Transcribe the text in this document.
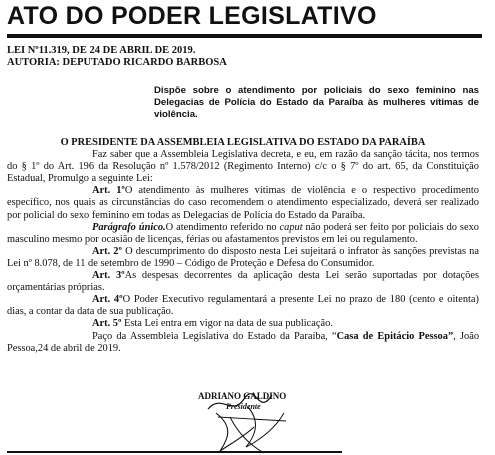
ATO DO PODER LEGISLATIVO
LEI Nº11.319, DE 24 DE ABRIL DE 2019.
AUTORIA: DEPUTADO RICARDO BARBOSA
Dispõe sobre o atendimento por policiais do sexo feminino nas Delegacias de Polícia do Estado da Paraíba às mulheres vítimas de violência.

O PRESIDENTE DA ASSEMBLEIA LEGISLATIVA DO ESTADO DA PARAÍBA

Faz saber que a Assembleia Legislativa decreta, e eu, em razão da sanção tácita, nos termos do § 1º do Art. 196 da Resolução nº 1.578/2012 (Regimento Interno) c/c o § 7º do art. 65, da Constituição Estadual, Promulgo a seguinte Lei:

Art. 1ºO atendimento às mulheres vítimas de violência e o respectivo procedimento específico, nos quais as circunstâncias do caso recomendem o atendimento especializado, deverá ser realizado por policial do sexo feminino em todas as Delegacias de Polícia do Estado da Paraíba.

Parágrafo único.O atendimento referido no caput não poderá ser feito por policiais do sexo masculino mesmo por ocasião de licenças, férias ou afastamentos previstos em lei ou regulamento.

Art. 2º O descumprimento do disposto nesta Lei sujeitará o infrator às sanções previstas na Lei nº 8.078, de 11 de setembro de 1990 – Código de Proteção e Defesa do Consumidor.

Art. 3ºAs despesas decorrentes da aplicação desta Lei serão suportadas por dotações orçamentárias próprias.

Art. 4ºO Poder Executivo regulamentará a presente Lei no prazo de 180 (cento e oitenta) dias, a contar da data de sua publicação.

Art. 5º Esta Lei entra em vigor na data de sua publicação.

Paço da Assembleia Legislativa do Estado da Paraíba, “Casa de Epitácio Pessoa”, João Pessoa,24 de abril de 2019.

ADRIANO GALDINO
Presidente
